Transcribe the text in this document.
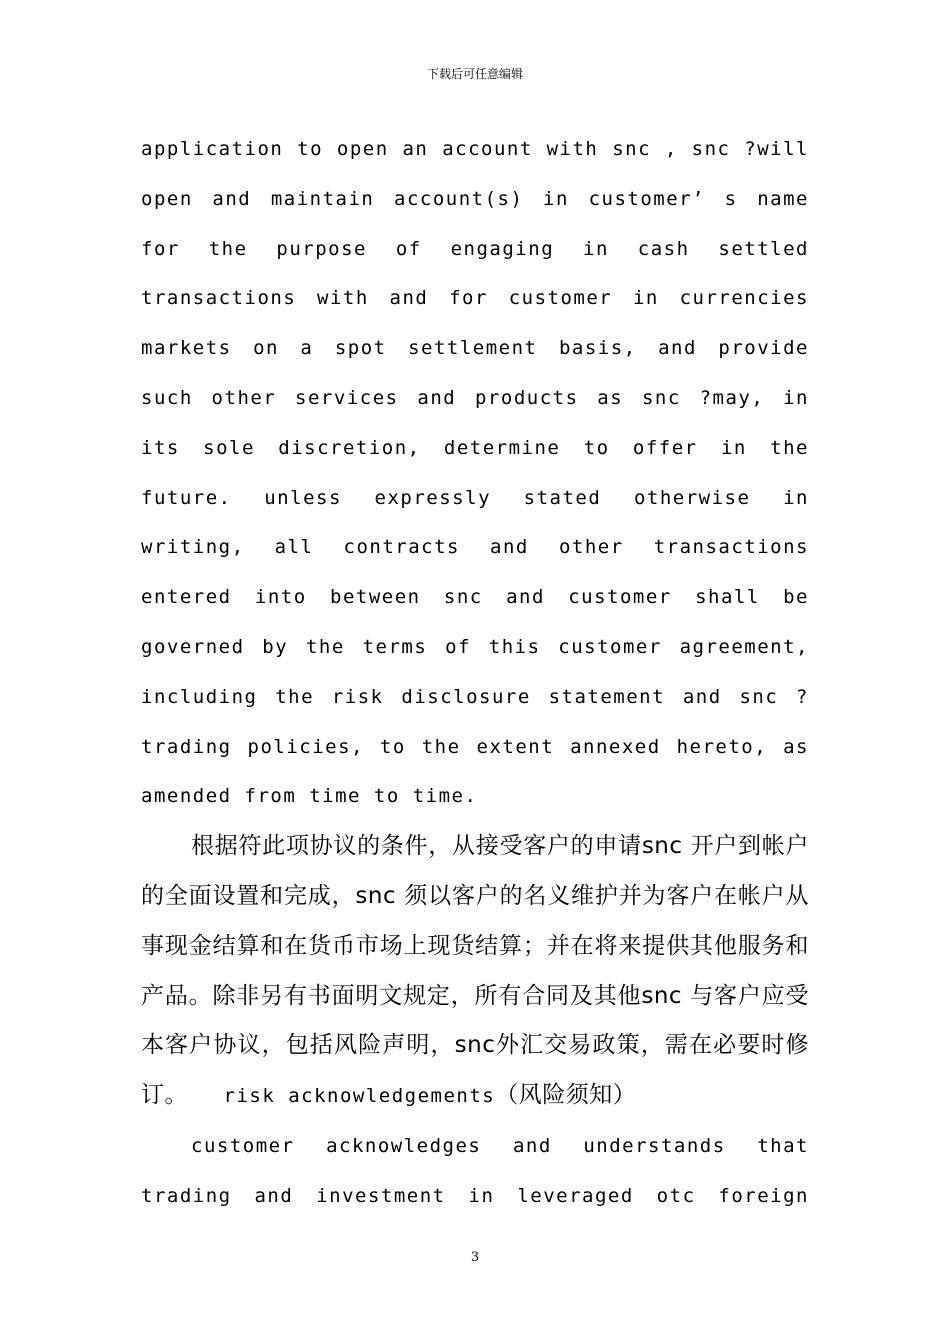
下载后可任意编辑

application to open an account with snc , snc ?will open and maintain account(s) in customer’ s name for the purpose of engaging in cash settled transactions with and for customer in currencies markets on a spot settlement basis, and provide such other services and products as snc ?may, in its sole discretion, determine to offer in the future. unless expressly stated otherwise in writing, all contracts and other transactions entered into between snc and customer shall be governed by the terms of this customer agreement, including the risk disclosure statement and snc ?trading policies, to the extent annexed hereto, as amended from time to time.

根据符此项协议的条件，从接受客户的申请snc 开户到帐户的全面设置和完成，snc 须以客户的名义维护并为客户在帐户从事现金结算和在货币市场上现货结算；并在将来提供其他服务和产品。除非另有书面明文规定，所有合同及其他snc 与客户应受本客户协议，包括风险声明，snc外汇交易政策，需在必要时修订。　　 risk acknowledgements（风险须知）

customer acknowledges and understands that trading and investment in leveraged otc foreign

3
